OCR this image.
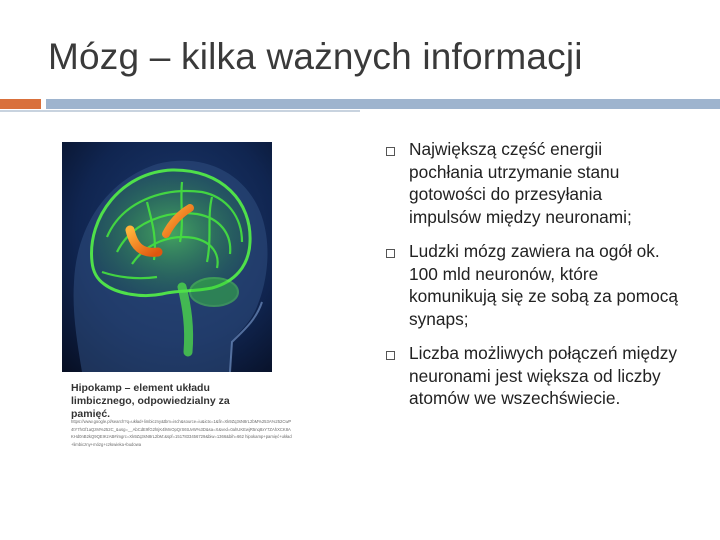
Mózg – kilka ważnych informacji
Hipokamp – element układu limbicznego, odpowiedzialny za pamięć.
https://www.google.pl/search?q=układ+limbiczny&tbm=isch&source=iu&ictx=1&fir=Xk9Zq3sN8rL2bM%253A%252CwP4tY7hGf1aQzM%252C_&usg=__AbCdE9fG2hIjK4lMnOpQrS6tUvW%3D&sa=X&ved=0ahUKEwjR5nq8xY7ZAhXCK8AKHd0nB2kQ9QEIKzAB#imgrc=Xk9Zq3sN8rL2bM:&spf=1517833456729&biw=1366&bih=662 hipokamp+pamięć+układ+limbiczny+mózg+człowieka+budowa
Największą część energii pochłania utrzymanie stanu gotowości do przesyłania impulsów między neuronami;
Ludzki mózg zawiera na ogół ok. 100 mld neuronów, które komunikują się ze sobą za pomocą synaps;
Liczba możliwych połączeń między neuronami jest większa od liczby atomów we wszechświecie.
